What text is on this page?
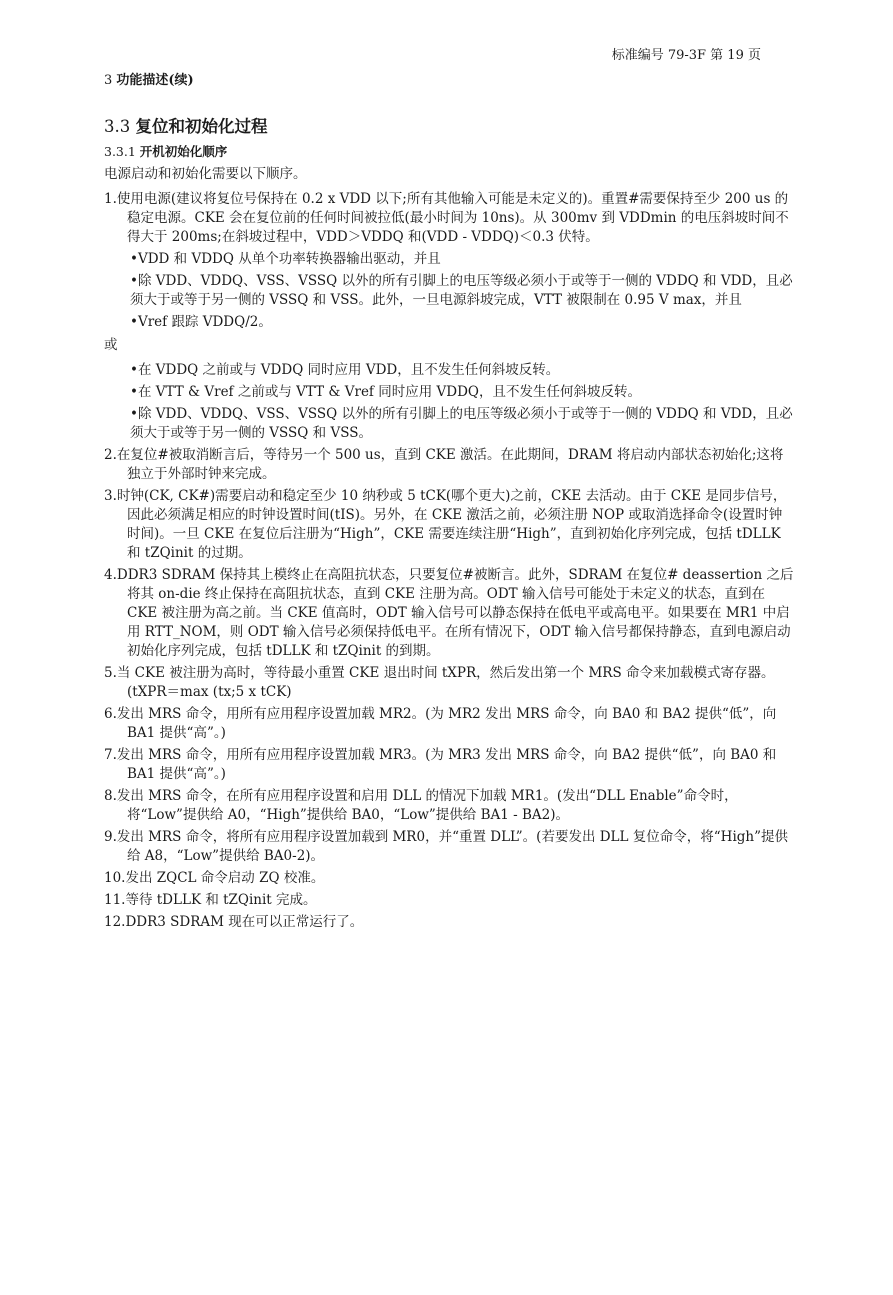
标准编号 79-3F 第 19 页
3 功能描述(续)
3.3 复位和初始化过程
3.3.1 开机初始化顺序
电源启动和初始化需要以下顺序。
1.使用电源(建议将复位号保持在 0.2 x VDD 以下;所有其他输入可能是未定义的)。重置#需要保持至少 200 us 的稳定电源。CKE 会在复位前的任何时间被拉低(最小时间为 10ns)。从 300mv 到 VDDmin 的电压斜坡时间不得大于 200ms;在斜坡过程中，VDD＞VDDQ 和(VDD - VDDQ)＜0.3 伏特。
•VDD 和 VDDQ 从单个功率转换器输出驱动，并且
•除 VDD、VDDQ、VSS、VSSQ 以外的所有引脚上的电压等级必须小于或等于一侧的 VDDQ 和 VDD，且必须大于或等于另一侧的 VSSQ 和 VSS。此外，一旦电源斜坡完成，VTT 被限制在 0.95 V max，并且
•Vref 跟踪 VDDQ/2。
或
•在 VDDQ 之前或与 VDDQ 同时应用 VDD，且不发生任何斜坡反转。
•在 VTT & Vref 之前或与 VTT & Vref 同时应用 VDDQ，且不发生任何斜坡反转。
•除 VDD、VDDQ、VSS、VSSQ 以外的所有引脚上的电压等级必须小于或等于一侧的 VDDQ 和 VDD，且必须大于或等于另一侧的 VSSQ 和 VSS。
2.在复位#被取消断言后，等待另一个 500 us，直到 CKE 激活。在此期间，DRAM 将启动内部状态初始化;这将独立于外部时钟来完成。
3.时钟(CK, CK#)需要启动和稳定至少 10 纳秒或 5 tCK(哪个更大)之前，CKE 去活动。由于 CKE 是同步信号，因此必须满足相应的时钟设置时间(tIS)。另外，在 CKE 激活之前，必须注册 NOP 或取消选择命令(设置时钟时间)。一旦 CKE 在复位后注册为“High”，CKE 需要连续注册“High”，直到初始化序列完成，包括 tDLLK 和 tZQinit 的过期。
4.DDR3 SDRAM 保持其上模终止在高阻抗状态，只要复位#被断言。此外，SDRAM 在复位# deassertion 之后将其 on-die 终止保持在高阻抗状态，直到 CKE 注册为高。ODT 输入信号可能处于未定义的状态，直到在 CKE 被注册为高之前。当 CKE 值高时，ODT 输入信号可以静态保持在低电平或高电平。如果要在 MR1 中启用 RTT_NOM，则 ODT 输入信号必须保持低电平。在所有情况下，ODT 输入信号都保持静态，直到电源启动初始化序列完成，包括 tDLLK 和 tZQinit 的到期。
5.当 CKE 被注册为高时，等待最小重置 CKE 退出时间 tXPR，然后发出第一个 MRS 命令来加载模式寄存器。(tXPR＝max (tx;5 x tCK)
6.发出 MRS 命令，用所有应用程序设置加载 MR2。(为 MR2 发出 MRS 命令，向 BA0 和 BA2 提供“低”，向 BA1 提供“高”。)
7.发出 MRS 命令，用所有应用程序设置加载 MR3。(为 MR3 发出 MRS 命令，向 BA2 提供“低”，向 BA0 和 BA1 提供“高”。)
8.发出 MRS 命令，在所有应用程序设置和启用 DLL 的情况下加载 MR1。(发出“DLL Enable”命令时，将“Low”提供给 A0，“High”提供给 BA0，“Low”提供给 BA1 - BA2)。
9.发出 MRS 命令，将所有应用程序设置加载到 MR0，并“重置 DLL”。(若要发出 DLL 复位命令，将“High”提供给 A8，“Low”提供给 BA0-2)。
10.发出 ZQCL 命令启动 ZQ 校准。
11.等待 tDLLK 和 tZQinit 完成。
12.DDR3 SDRAM 现在可以正常运行了。
